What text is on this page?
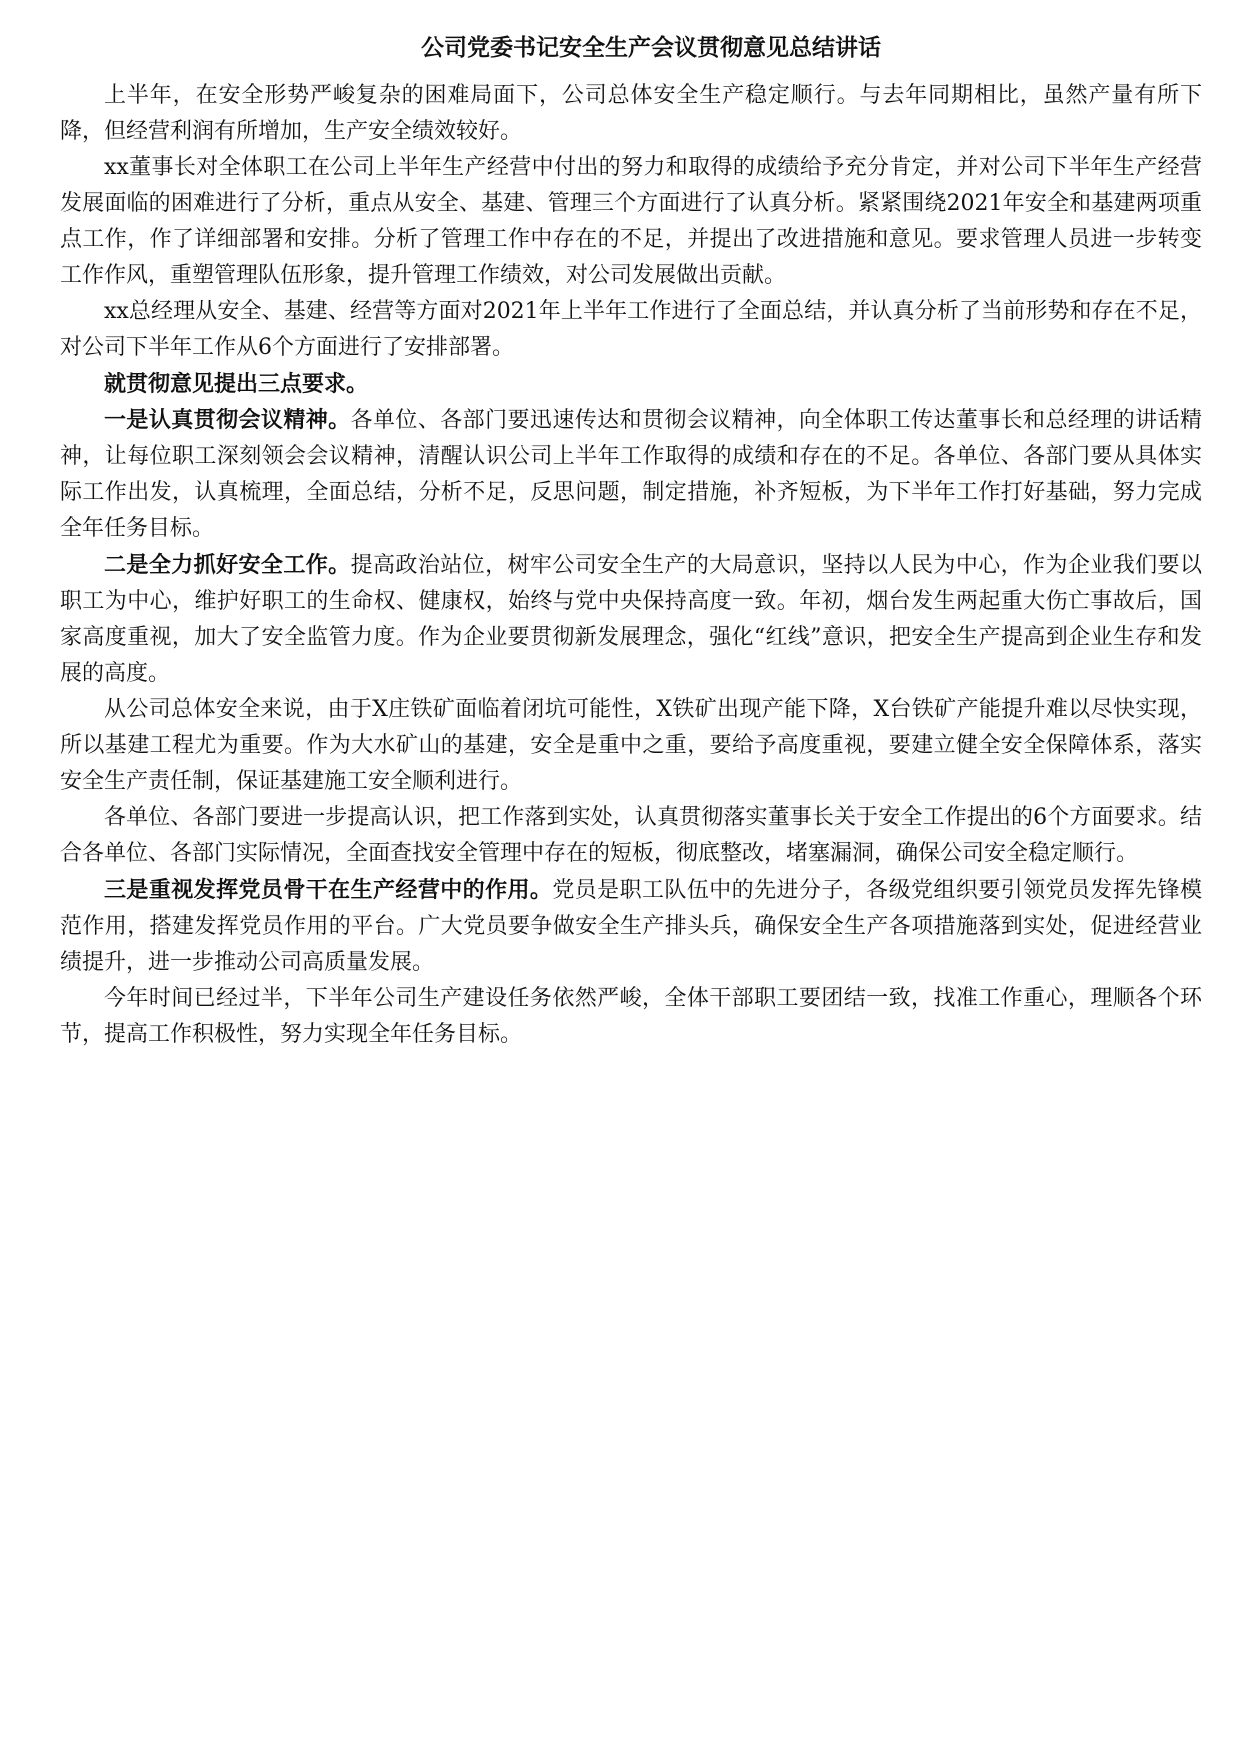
公司党委书记安全生产会议贯彻意见总结讲话

上半年，在安全形势严峻复杂的困难局面下，公司总体安全生产稳定顺行。与去年同期相比，虽然产量有所下降，但经营利润有所增加，生产安全绩效较好。

xx董事长对全体职工在公司上半年生产经营中付出的努力和取得的成绩给予充分肯定，并对公司下半年生产经营发展面临的困难进行了分析，重点从安全、基建、管理三个方面进行了认真分析。紧紧围绕2021年安全和基建两项重点工作，作了详细部署和安排。分析了管理工作中存在的不足，并提出了改进措施和意见。要求管理人员进一步转变工作作风，重塑管理队伍形象，提升管理工作绩效，对公司发展做出贡献。

xx总经理从安全、基建、经营等方面对2021年上半年工作进行了全面总结，并认真分析了当前形势和存在不足，对公司下半年工作从6个方面进行了安排部署。

就贯彻意见提出三点要求。

一是认真贯彻会议精神。各单位、各部门要迅速传达和贯彻会议精神，向全体职工传达董事长和总经理的讲话精神，让每位职工深刻领会会议精神，清醒认识公司上半年工作取得的成绩和存在的不足。各单位、各部门要从具体实际工作出发，认真梳理，全面总结，分析不足，反思问题，制定措施，补齐短板，为下半年工作打好基础，努力完成全年任务目标。

二是全力抓好安全工作。提高政治站位，树牢公司安全生产的大局意识，坚持以人民为中心，作为企业我们要以职工为中心，维护好职工的生命权、健康权，始终与党中央保持高度一致。年初，烟台发生两起重大伤亡事故后，国家高度重视，加大了安全监管力度。作为企业要贯彻新发展理念，强化“红线”意识，把安全生产提高到企业生存和发展的高度。

从公司总体安全来说，由于X庄铁矿面临着闭坑可能性，X铁矿出现产能下降，X台铁矿产能提升难以尽快实现，所以基建工程尤为重要。作为大水矿山的基建，安全是重中之重，要给予高度重视，要建立健全安全保障体系，落实安全生产责任制，保证基建施工安全顺利进行。

各单位、各部门要进一步提高认识，把工作落到实处，认真贯彻落实董事长关于安全工作提出的6个方面要求。结合各单位、各部门实际情况，全面查找安全管理中存在的短板，彻底整改，堵塞漏洞，确保公司安全稳定顺行。

三是重视发挥党员骨干在生产经营中的作用。党员是职工队伍中的先进分子，各级党组织要引领党员发挥先锋模范作用，搭建发挥党员作用的平台。广大党员要争做安全生产排头兵，确保安全生产各项措施落到实处，促进经营业绩提升，进一步推动公司高质量发展。

今年时间已经过半，下半年公司生产建设任务依然严峻，全体干部职工要团结一致，找准工作重心，理顺各个环节，提高工作积极性，努力实现全年任务目标。
